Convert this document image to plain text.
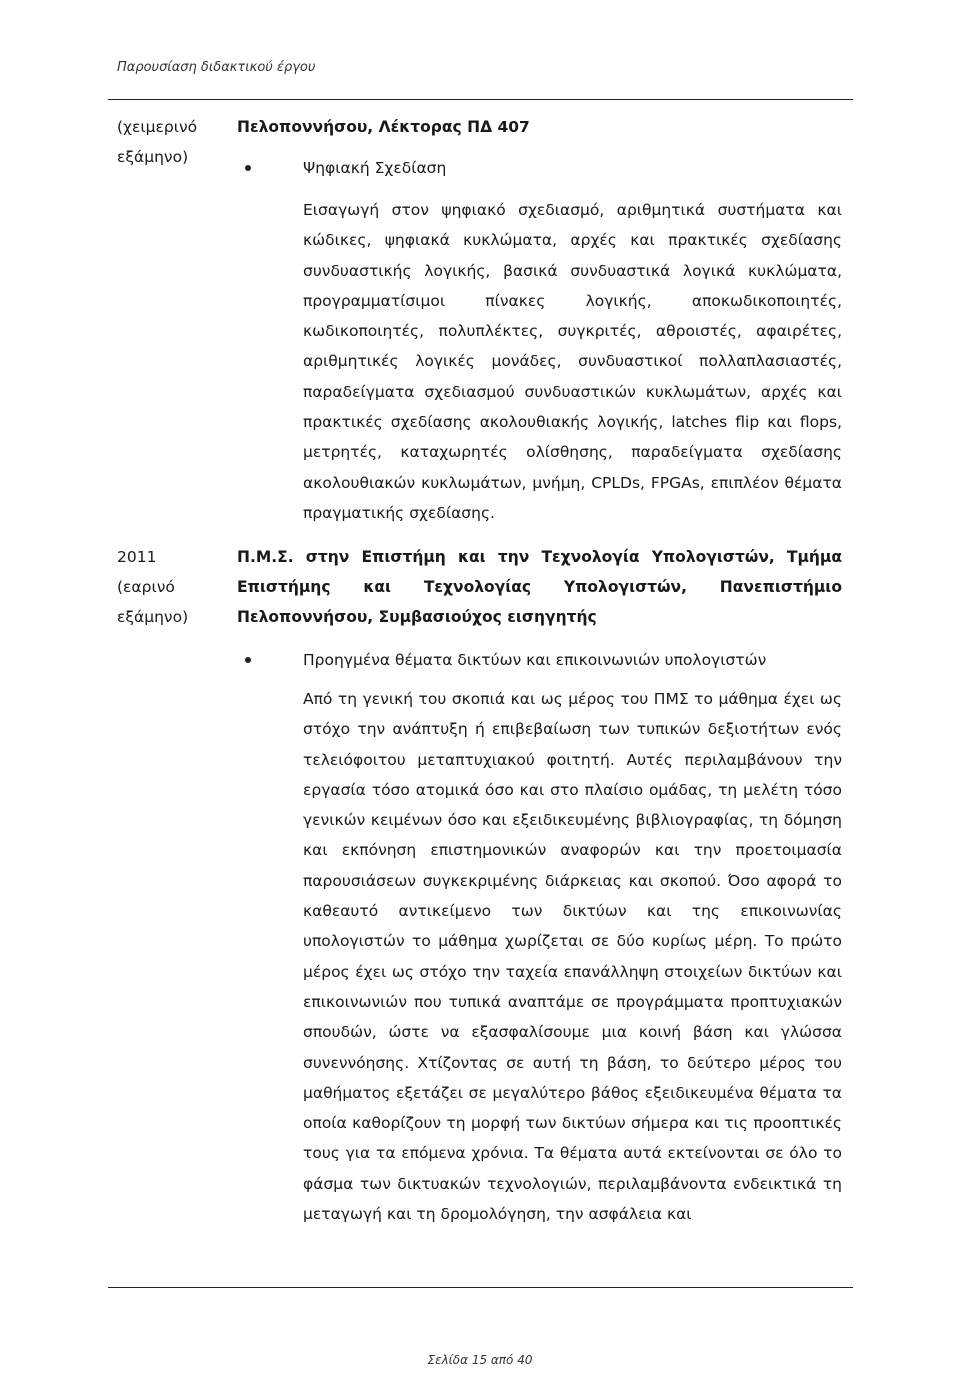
Παρουσίαση διδακτικού έργου
(χειμερινό
εξάμηνο)
Πελοποννήσου, Λέκτορας ΠΔ 407
Ψηφιακή Σχεδίαση
Εισαγωγή στον ψηφιακό σχεδιασμό, αριθμητικά συστήματα και κώδικες, ψηφιακά κυκλώματα, αρχές και πρακτικές σχεδίασης συνδυαστικής λογικής, βασικά συνδυαστικά λογικά κυκλώματα, προγραμματίσιμοι πίνακες λογικής, αποκωδικοποιητές, κωδικοποιητές, πολυπλέκτες, συγκριτές, αθροιστές, αφαιρέτες, αριθμητικές λογικές μονάδες, συνδυαστικοί πολλαπλασιαστές, παραδείγματα σχεδιασμού συνδυαστικών κυκλωμάτων, αρχές και πρακτικές σχεδίασης ακολουθιακής λογικής, latches flip και flops, μετρητές, καταχωρητές ολίσθησης, παραδείγματα σχεδίασης ακολουθιακών κυκλωμάτων, μνήμη, CPLDs, FPGAs, επιπλέον θέματα πραγματικής σχεδίασης.
2011
(εαρινό
εξάμηνο)
Π.Μ.Σ. στην Επιστήμη και την Τεχνολογία Υπολογιστών, Τμήμα Επιστήμης και Τεχνολογίας Υπολογιστών, Πανεπιστήμιο Πελοποννήσου, Συμβασιούχος εισηγητής
Προηγμένα θέματα δικτύων και επικοινωνιών υπολογιστών
Από τη γενική του σκοπιά και ως μέρος του ΠΜΣ το μάθημα έχει ως στόχο την ανάπτυξη ή επιβεβαίωση των τυπικών δεξιοτήτων ενός τελειόφοιτου μεταπτυχιακού φοιτητή. Αυτές περιλαμβάνουν την εργασία τόσο ατομικά όσο και στο πλαίσιο ομάδας, τη μελέτη τόσο γενικών κειμένων όσο και εξειδικευμένης βιβλιογραφίας, τη δόμηση και εκπόνηση επιστημονικών αναφορών και την προετοιμασία παρουσιάσεων συγκεκριμένης διάρκειας και σκοπού. Όσο αφορά το καθεαυτό αντικείμενο των δικτύων και της επικοινωνίας υπολογιστών το μάθημα χωρίζεται σε δύο κυρίως μέρη. Το πρώτο μέρος έχει ως στόχο την ταχεία επανάλληψη στοιχείων δικτύων και επικοινωνιών που τυπικά αναπτάμε σε προγράμματα προπτυχιακών σπουδών, ώστε να εξασφαλίσουμε μια κοινή βάση και γλώσσα συνεννόησης. Χτίζοντας σε αυτή τη βάση, το δεύτερο μέρος του μαθήματος εξετάζει σε μεγαλύτερο βάθος εξειδικευμένα θέματα τα οποία καθορίζουν τη μορφή των δικτύων σήμερα και τις προοπτικές τους για τα επόμενα χρόνια. Τα θέματα αυτά εκτείνονται σε όλο το φάσμα των δικτυακών τεχνολογιών, περιλαμβάνοντα ενδεικτικά τη μεταγωγή και τη δρομολόγηση, την ασφάλεια και
Σελίδα 15 από 40
